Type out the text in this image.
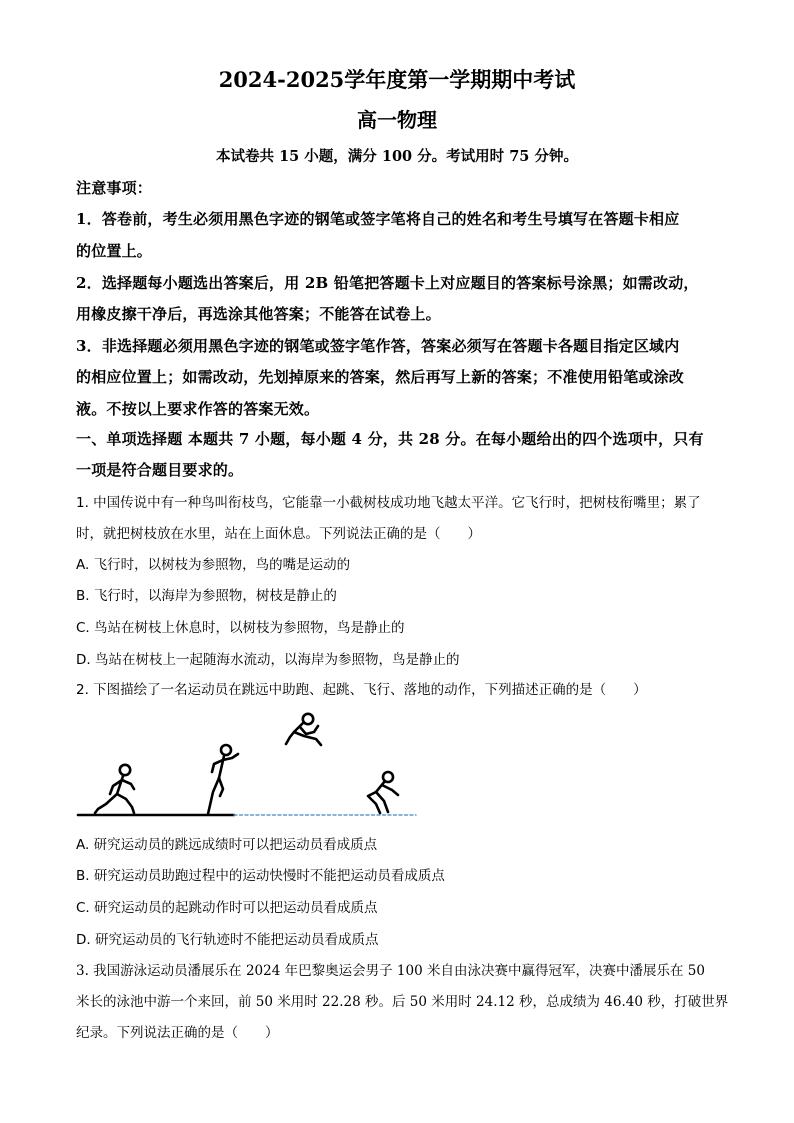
2024-2025学年度第一学期期中考试
高一物理
本试卷共 15 小题，满分 100 分。考试用时 75 分钟。
注意事项：
1．答卷前，考生必须用黑色字迹的钢笔或签字笔将自己的姓名和考生号填写在答题卡相应
的位置上。
2．选择题每小题选出答案后，用 2B 铅笔把答题卡上对应题目的答案标号涂黑；如需改动，
用橡皮擦干净后，再选涂其他答案；不能答在试卷上。
3．非选择题必须用黑色字迹的钢笔或签字笔作答，答案必须写在答题卡各题目指定区域内
的相应位置上；如需改动，先划掉原来的答案，然后再写上新的答案；不准使用铅笔或涂改
液。不按以上要求作答的答案无效。
一、单项选择题 本题共 7 小题，每小题 4 分，共 28 分。在每小题给出的四个选项中，只有
一项是符合题目要求的。
1. 中国传说中有一种鸟叫衔枝鸟，它能靠一小截树枝成功地飞越太平洋。它飞行时，把树枝衔嘴里；累了
时，就把树枝放在水里，站在上面休息。下列说法正确的是（　　）
A. 飞行时，以树枝为参照物，鸟的嘴是运动的
B. 飞行时，以海岸为参照物，树枝是静止的
C. 鸟站在树枝上休息时，以树枝为参照物，鸟是静止的
D. 鸟站在树枝上一起随海水流动，以海岸为参照物，鸟是静止的
2. 下图描绘了一名运动员在跳远中助跑、起跳、飞行、落地的动作，下列描述正确的是（　　）
A. 研究运动员的跳远成绩时可以把运动员看成质点
B. 研究运动员助跑过程中的运动快慢时不能把运动员看成质点
C. 研究运动员的起跳动作时可以把运动员看成质点
D. 研究运动员的飞行轨迹时不能把运动员看成质点
3. 我国游泳运动员潘展乐在 2024 年巴黎奥运会男子 100 米自由泳决赛中赢得冠军，决赛中潘展乐在 50
米长的泳池中游一个来回，前 50 米用时 22.28 秒。后 50 米用时 24.12 秒，总成绩为 46.40 秒，打破世界
纪录。下列说法正确的是（　　）
